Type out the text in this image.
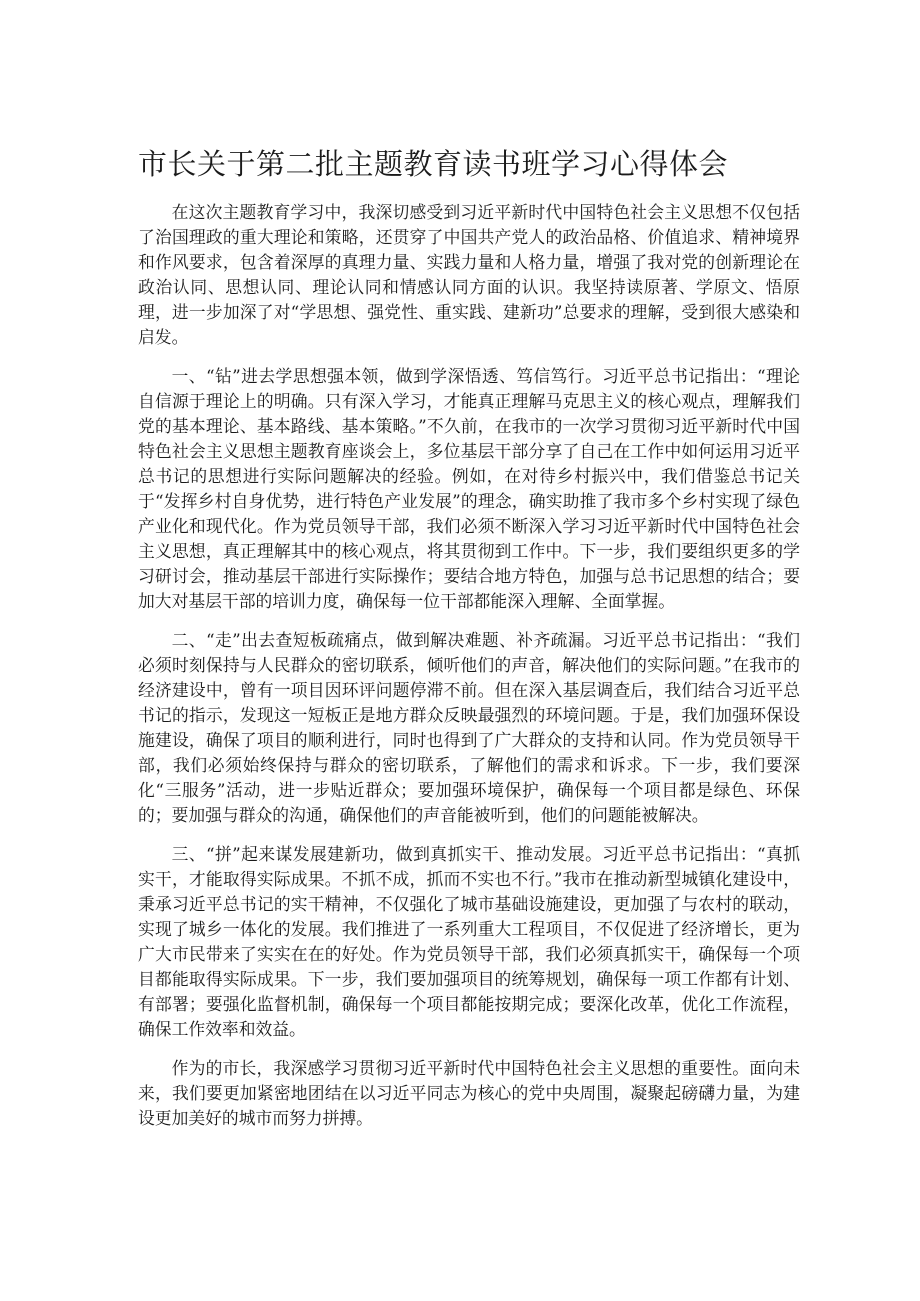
市长关于第二批主题教育读书班学习心得体会

在这次主题教育学习中，我深切感受到习近平新时代中国特色社会主义思想不仅包括了治国理政的重大理论和策略，还贯穿了中国共产党人的政治品格、价值追求、精神境界和作风要求，包含着深厚的真理力量、实践力量和人格力量，增强了我对党的创新理论在政治认同、思想认同、理论认同和情感认同方面的认识。我坚持读原著、学原文、悟原理，进一步加深了对“学思想、强党性、重实践、建新功”总要求的理解，受到很大感染和启发。

一、“钻”进去学思想强本领，做到学深悟透、笃信笃行。习近平总书记指出：“理论自信源于理论上的明确。只有深入学习，才能真正理解马克思主义的核心观点，理解我们党的基本理论、基本路线、基本策略。”不久前，在我市的一次学习贯彻习近平新时代中国特色社会主义思想主题教育座谈会上，多位基层干部分享了自己在工作中如何运用习近平总书记的思想进行实际问题解决的经验。例如，在对待乡村振兴中，我们借鉴总书记关于“发挥乡村自身优势，进行特色产业发展”的理念，确实助推了我市多个乡村实现了绿色产业化和现代化。作为党员领导干部，我们必须不断深入学习习近平新时代中国特色社会主义思想，真正理解其中的核心观点，将其贯彻到工作中。下一步，我们要组织更多的学习研讨会，推动基层干部进行实际操作；要结合地方特色，加强与总书记思想的结合；要加大对基层干部的培训力度，确保每一位干部都能深入理解、全面掌握。

二、“走”出去查短板疏痛点，做到解决难题、补齐疏漏。习近平总书记指出：“我们必须时刻保持与人民群众的密切联系，倾听他们的声音，解决他们的实际问题。”在我市的经济建设中，曾有一项目因环评问题停滞不前。但在深入基层调查后，我们结合习近平总书记的指示，发现这一短板正是地方群众反映最强烈的环境问题。于是，我们加强环保设施建设，确保了项目的顺利进行，同时也得到了广大群众的支持和认同。作为党员领导干部，我们必须始终保持与群众的密切联系，了解他们的需求和诉求。下一步，我们要深化“三服务”活动，进一步贴近群众；要加强环境保护，确保每一个项目都是绿色、环保的；要加强与群众的沟通，确保他们的声音能被听到，他们的问题能被解决。

三、“拼”起来谋发展建新功，做到真抓实干、推动发展。习近平总书记指出：“真抓实干，才能取得实际成果。不抓不成，抓而不实也不行。”我市在推动新型城镇化建设中，秉承习近平总书记的实干精神，不仅强化了城市基础设施建设，更加强了与农村的联动，实现了城乡一体化的发展。我们推进了一系列重大工程项目，不仅促进了经济增长，更为广大市民带来了实实在在的好处。作为党员领导干部，我们必须真抓实干，确保每一个项目都能取得实际成果。下一步，我们要加强项目的统筹规划，确保每一项工作都有计划、有部署；要强化监督机制，确保每一个项目都能按期完成；要深化改革，优化工作流程，确保工作效率和效益。

作为的市长，我深感学习贯彻习近平新时代中国特色社会主义思想的重要性。面向未来，我们要更加紧密地团结在以习近平同志为核心的党中央周围，凝聚起磅礴力量，为建设更加美好的城市而努力拼搏。
